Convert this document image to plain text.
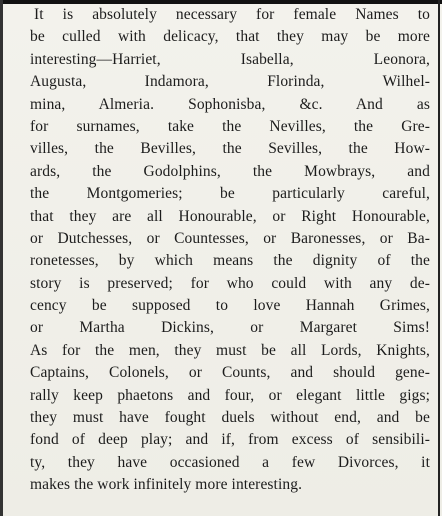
It is absolutely necessary for female Names to
be culled with delicacy, that they may be more
interesting—Harriet, Isabella, Leonora,
Augusta, Indamora, Florinda, Wilhel-
mina, Almeria. Sophonisba, &c. And as
for surnames, take the Nevilles, the Gre-
villes, the Bevilles, the Sevilles, the How-
ards, the Godolphins, the Mowbrays, and
the Montgomeries; be particularly careful,
that they are all Honourable, or Right Honourable,
or Dutchesses, or Countesses, or Baronesses, or Ba-
ronetesses, by which means the dignity of the
story is preserved; for who could with any de-
cency be supposed to love Hannah Grimes,
or Martha Dickins, or Margaret Sims!
As for the men, they must be all Lords, Knights,
Captains, Colonels, or Counts, and should gene-
rally keep phaetons and four, or elegant little gigs;
they must have fought duels without end, and be
fond of deep play; and if, from excess of sensibili-
ty, they have occasioned a few Divorces, it
makes the work infinitely more interesting.
